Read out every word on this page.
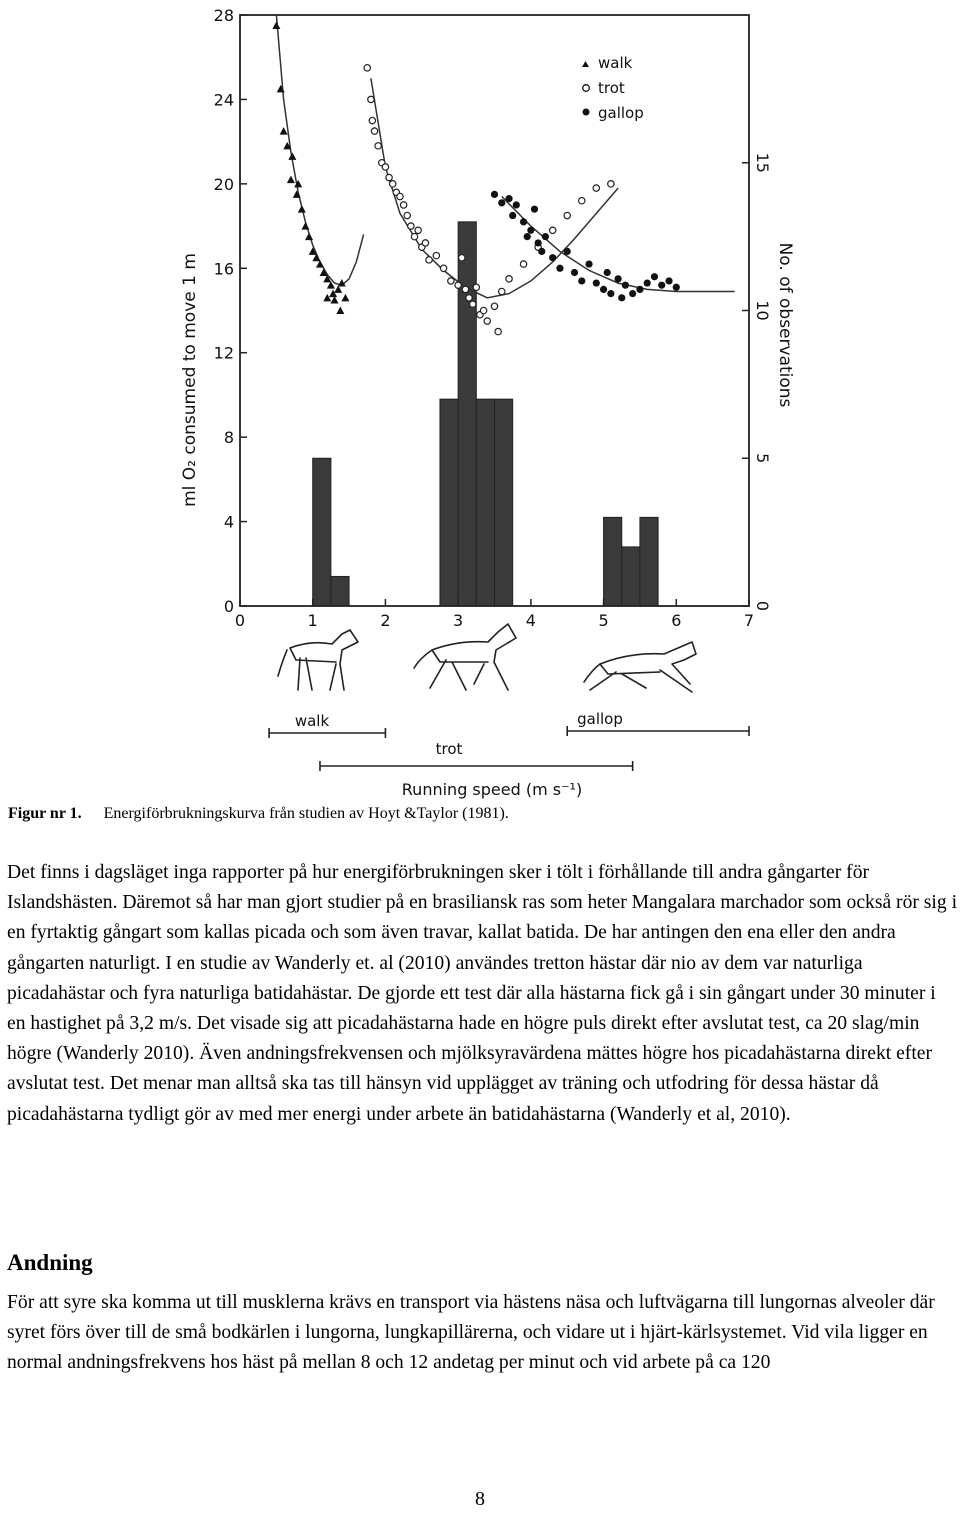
0
4
8
12
16
20
24
28
0
5
10
15
0	1	2	3	4	5	6	7
walk
trot
gallop
ml O₂ consumed to move 1 m	No. of observations
Running speed (m s⁻¹)
walk	gallop
trot
Figur nr 1. Energiförbrukningskurva från studien av Hoyt &Taylor (1981).

Det finns i dagsläget inga rapporter på hur energiförbrukningen sker i tölt i förhållande till andra gångarter för Islandshästen. Däremot så har man gjort studier på en brasiliansk ras som heter Mangalara marchador som också rör sig i en fyrtaktig gångart som kallas picada och som även travar, kallat batida. De har antingen den ena eller den andra gångarten naturligt. I en studie av Wanderly et. al (2010) användes tretton hästar där nio av dem var naturliga picadahästar och fyra naturliga batidahästar. De gjorde ett test där alla hästarna fick gå i sin gångart under 30 minuter i en hastighet på 3,2 m/s. Det visade sig att picadahästarna hade en högre puls direkt efter avslutat test, ca 20 slag/min högre (Wanderly 2010). Även andningsfrekvensen och mjölksyravärdena mättes högre hos picadahästarna direkt efter avslutat test. Det menar man alltså ska tas till hänsyn vid upplägget av träning och utfodring för dessa hästar då picadahästarna tydligt gör av med mer energi under arbete än batidahästarna (Wanderly et al, 2010).

Andning

För att syre ska komma ut till musklerna krävs en transport via hästens näsa och luftvägarna till lungornas alveoler där syret förs över till de små bodkärlen i lungorna, lungkapillärerna, och vidare ut i hjärt-kärlsystemet. Vid vila ligger en normal andningsfrekvens hos häst på mellan 8 och 12 andetag per minut och vid arbete på ca 120

8
